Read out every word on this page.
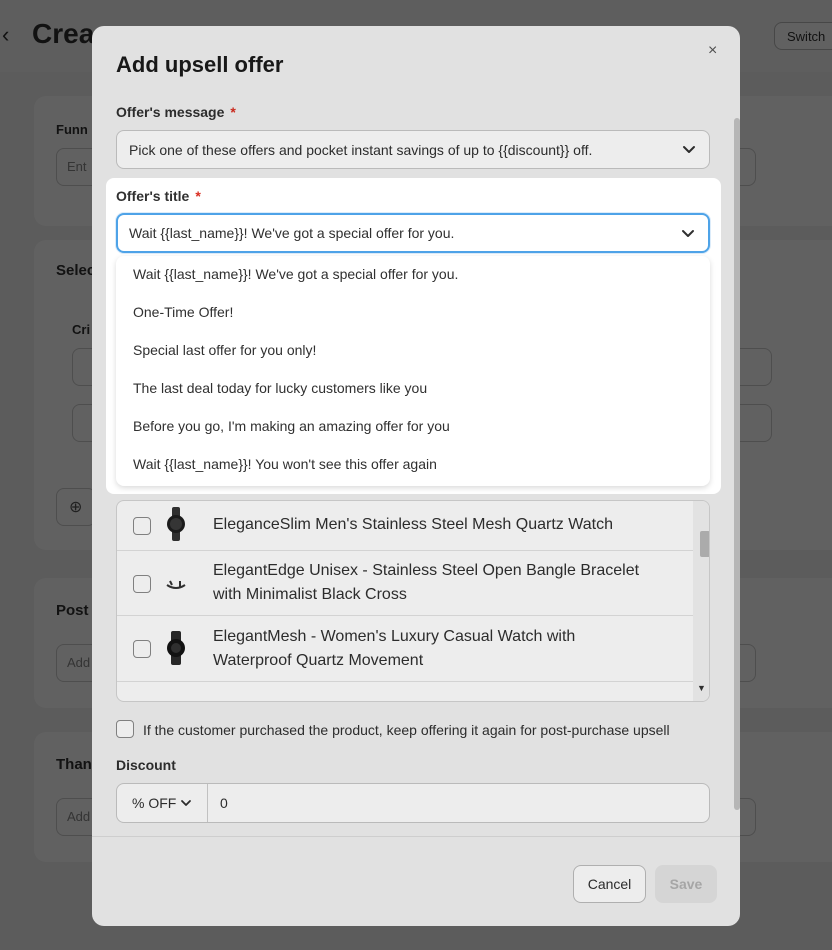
Add upsell offer
×
Offer's message *
Pick one of these offers and pocket instant savings of up to {{discount}} off.
EleganceSlim Men's Stainless Steel Mesh Quartz Watch
ElegantEdge Unisex - Stainless Steel Open Bangle Bracelet
with Minimalist Black Cross
ElegantMesh - Women's Luxury Casual Watch with
Waterproof Quartz Movement
▼
If the customer purchased the product, keep offering it again for post-purchase upsell
Discount
% OFF	0
Cancel	Save
Offer's title *
Wait {{last_name}}! We've got a special offer for you.
Wait {{last_name}}! We've got a special offer for you.
One-Time Offer!
Special last offer for you only!
The last deal today for lucky customers like you
Before you go, I'm making an amazing offer for you
Wait {{last_name}}! You won't see this offer again
